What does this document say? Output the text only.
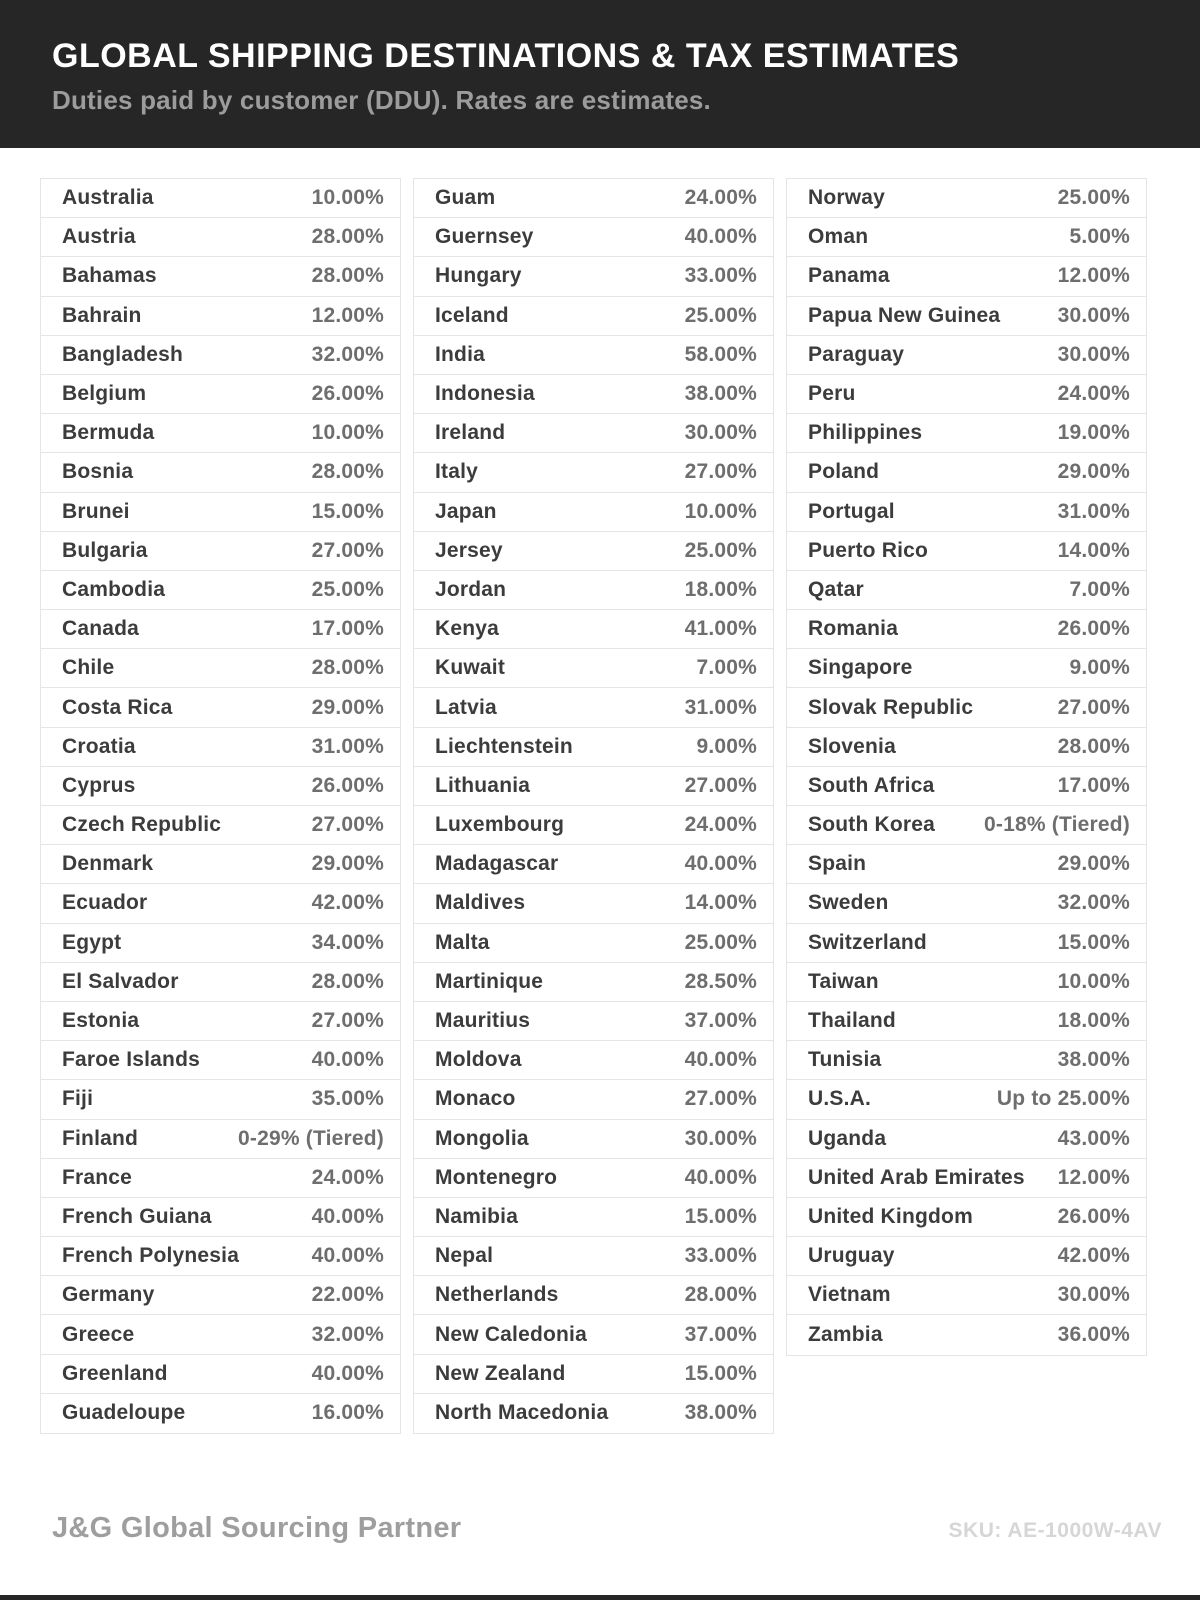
GLOBAL SHIPPING DESTINATIONS & TAX ESTIMATES

Duties paid by customer (DDU). Rates are estimates.

Australia	10.00%
Austria	28.00%
Bahamas	28.00%
Bahrain	12.00%
Bangladesh	32.00%
Belgium	26.00%
Bermuda	10.00%
Bosnia	28.00%
Brunei	15.00%
Bulgaria	27.00%
Cambodia	25.00%
Canada	17.00%
Chile	28.00%
Costa Rica	29.00%
Croatia	31.00%
Cyprus	26.00%
Czech Republic	27.00%
Denmark	29.00%
Ecuador	42.00%
Egypt	34.00%
El Salvador	28.00%
Estonia	27.00%
Faroe Islands	40.00%
Fiji	35.00%
Finland	0-29% (Tiered)
France	24.00%
French Guiana	40.00%
French Polynesia	40.00%
Germany	22.00%
Greece	32.00%
Greenland	40.00%
Guadeloupe	16.00%
Guam	24.00%
Guernsey	40.00%
Hungary	33.00%
Iceland	25.00%
India	58.00%
Indonesia	38.00%
Ireland	30.00%
Italy	27.00%
Japan	10.00%
Jersey	25.00%
Jordan	18.00%
Kenya	41.00%
Kuwait	7.00%
Latvia	31.00%
Liechtenstein	9.00%
Lithuania	27.00%
Luxembourg	24.00%
Madagascar	40.00%
Maldives	14.00%
Malta	25.00%
Martinique	28.50%
Mauritius	37.00%
Moldova	40.00%
Monaco	27.00%
Mongolia	30.00%
Montenegro	40.00%
Namibia	15.00%
Nepal	33.00%
Netherlands	28.00%
New Caledonia	37.00%
New Zealand	15.00%
North Macedonia	38.00%
Norway	25.00%
Oman	5.00%
Panama	12.00%
Papua New Guinea	30.00%
Paraguay	30.00%
Peru	24.00%
Philippines	19.00%
Poland	29.00%
Portugal	31.00%
Puerto Rico	14.00%
Qatar	7.00%
Romania	26.00%
Singapore	9.00%
Slovak Republic	27.00%
Slovenia	28.00%
South Africa	17.00%
South Korea 0-18% (Tiered)
Spain	29.00%
Sweden	32.00%
Switzerland	15.00%
Taiwan	10.00%
Thailand	18.00%
Tunisia	38.00%
U.S.A.	Up to 25.00%
Uganda	43.00%
United Arab Emirates 12.00%
United Kingdom	26.00%
Uruguay	42.00%
Vietnam	30.00%
Zambia	36.00%
J&G Global Sourcing Partner	SKU: AE-1000W-4AV
